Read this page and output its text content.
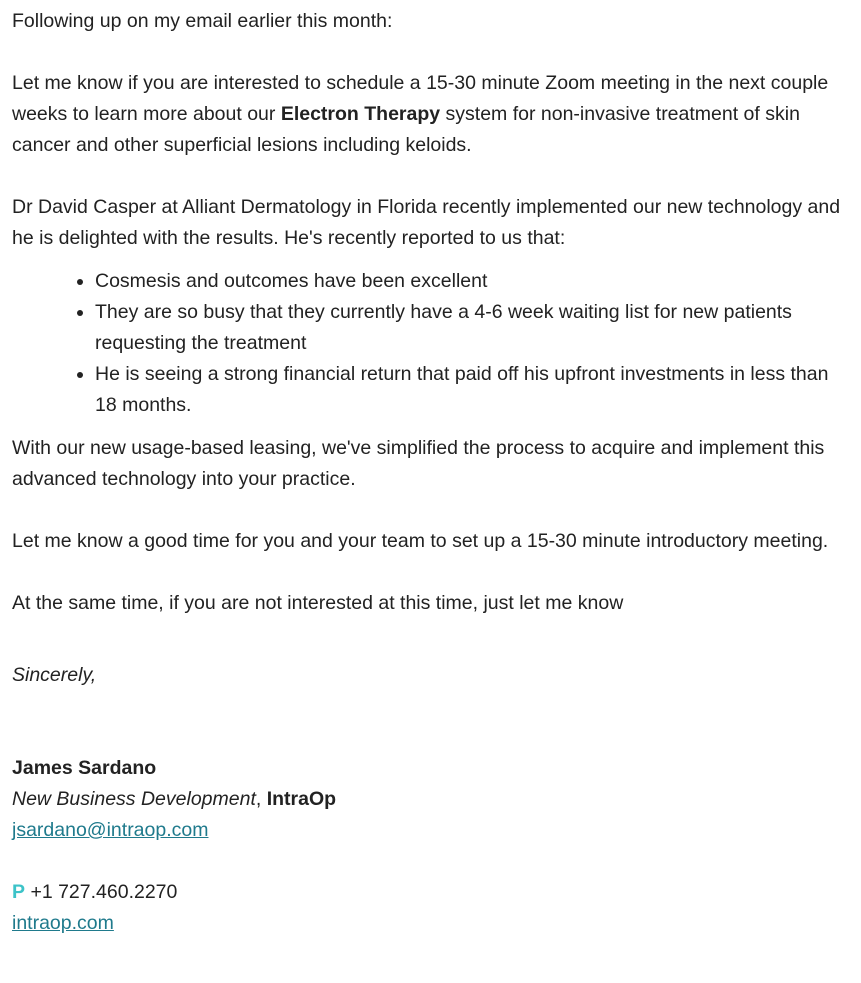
Following up on my email earlier this month:

Let me know if you are interested to schedule a 15-30 minute Zoom meeting in the next couple weeks to learn more about our Electron Therapy system for non-invasive treatment of skin cancer and other superficial lesions including keloids.

Dr David Casper at Alliant Dermatology in Florida recently implemented our new technology and he is delighted with the results. He's recently reported to us that:

• Cosmesis and outcomes have been excellent
• They are so busy that they currently have a 4-6 week waiting list for new patients requesting the treatment
• He is seeing a strong financial return that paid off his upfront investments in less than 18 months.

With our new usage-based leasing, we've simplified the process to acquire and implement this advanced technology into your practice.

Let me know a good time for you and your team to set up a 15-30 minute introductory meeting.

At the same time, if you are not interested at this time, just let me know

Sincerely,

James Sardano

New Business Development, IntraOp

jsardano@intraop.com

P +1 727.460.2270

intraop.com
